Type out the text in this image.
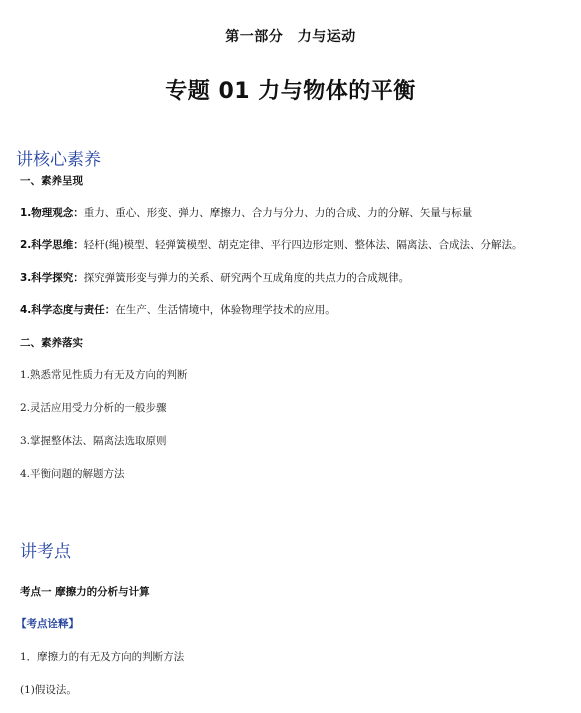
第一部分　力与运动
专题 01 力与物体的平衡
讲核心素养
一、素养呈现
1.物理观念：重力、重心、形变、弹力、摩擦力、合力与分力、力的合成、力的分解、矢量与标量
2.科学思维：轻杆(绳)模型、轻弹簧模型、胡克定律、平行四边形定则、整体法、隔离法、合成法、分解法。
3.科学探究：探究弹簧形变与弹力的关系、研究两个互成角度的共点力的合成规律。
4.科学态度与责任：在生产、生活情境中，体验物理学技术的应用。
二、素养落实
1.熟悉常见性质力有无及方向的判断
2.灵活应用受力分析的一般步骤
3.掌握整体法、隔离法选取原则
4.平衡问题的解题方法
讲考点
考点一 摩擦力的分析与计算
【考点诠释】
1．摩擦力的有无及方向的判断方法
(1)假设法。
